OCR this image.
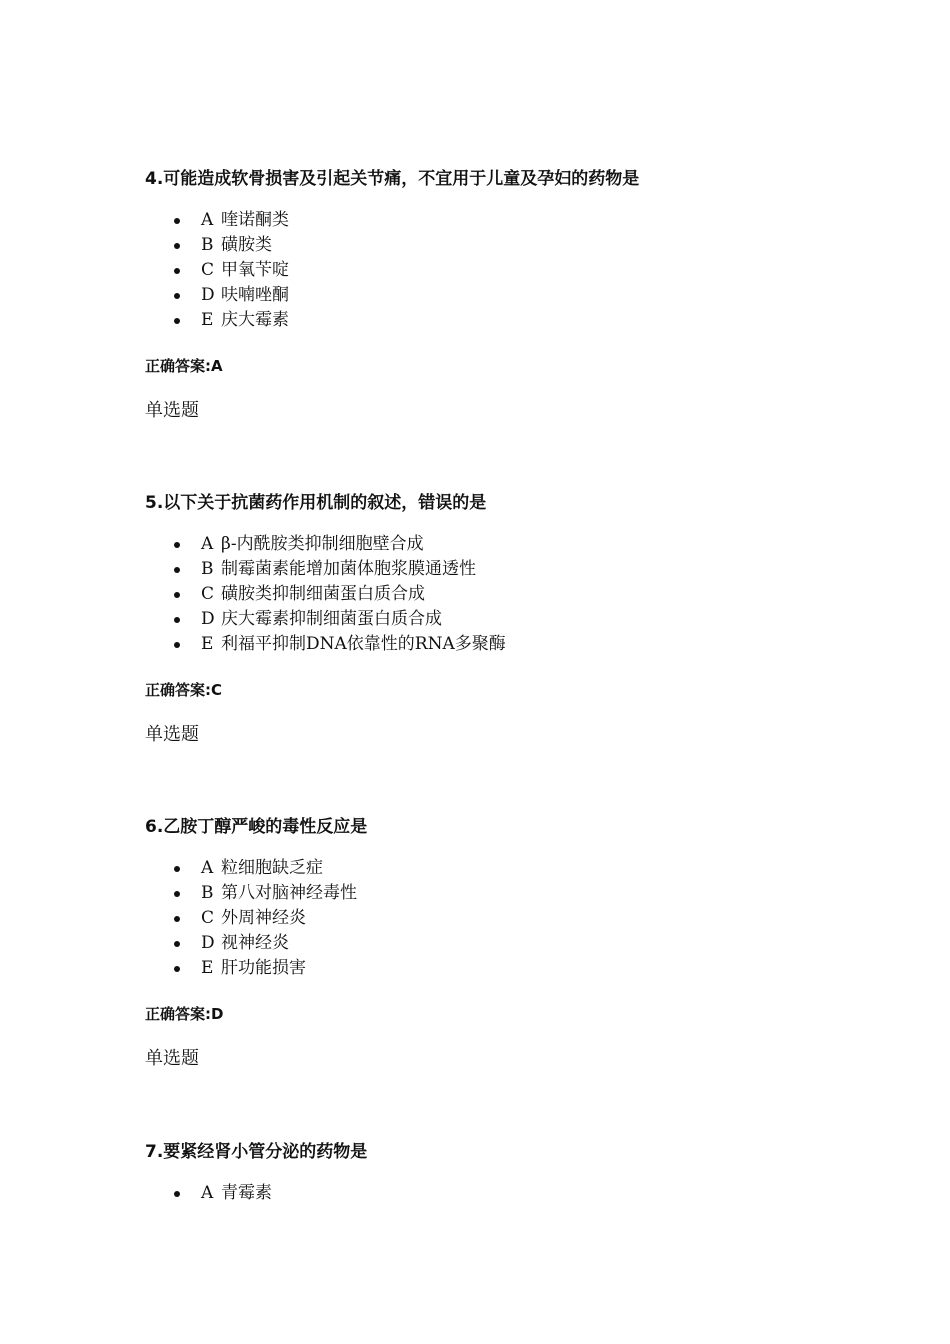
4.可能造成软骨损害及引起关节痛，不宜用于儿童及孕妇的药物是

A 喹诺酮类
B 磺胺类
C 甲氧苄啶
D 呋喃唑酮
E 庆大霉素
正确答案:A
单选题

5.以下关于抗菌药作用机制的叙述，错误的是

A β-内酰胺类抑制细胞壁合成
B 制霉菌素能增加菌体胞浆膜通透性
C 磺胺类抑制细菌蛋白质合成
D 庆大霉素抑制细菌蛋白质合成
E 利福平抑制DNA依靠性的RNA多聚酶
正确答案:C
单选题

6.乙胺丁醇严峻的毒性反应是

A 粒细胞缺乏症
B 第八对脑神经毒性
C 外周神经炎
D 视神经炎
E 肝功能损害
正确答案:D
单选题

7.要紧经肾小管分泌的药物是

A 青霉素
